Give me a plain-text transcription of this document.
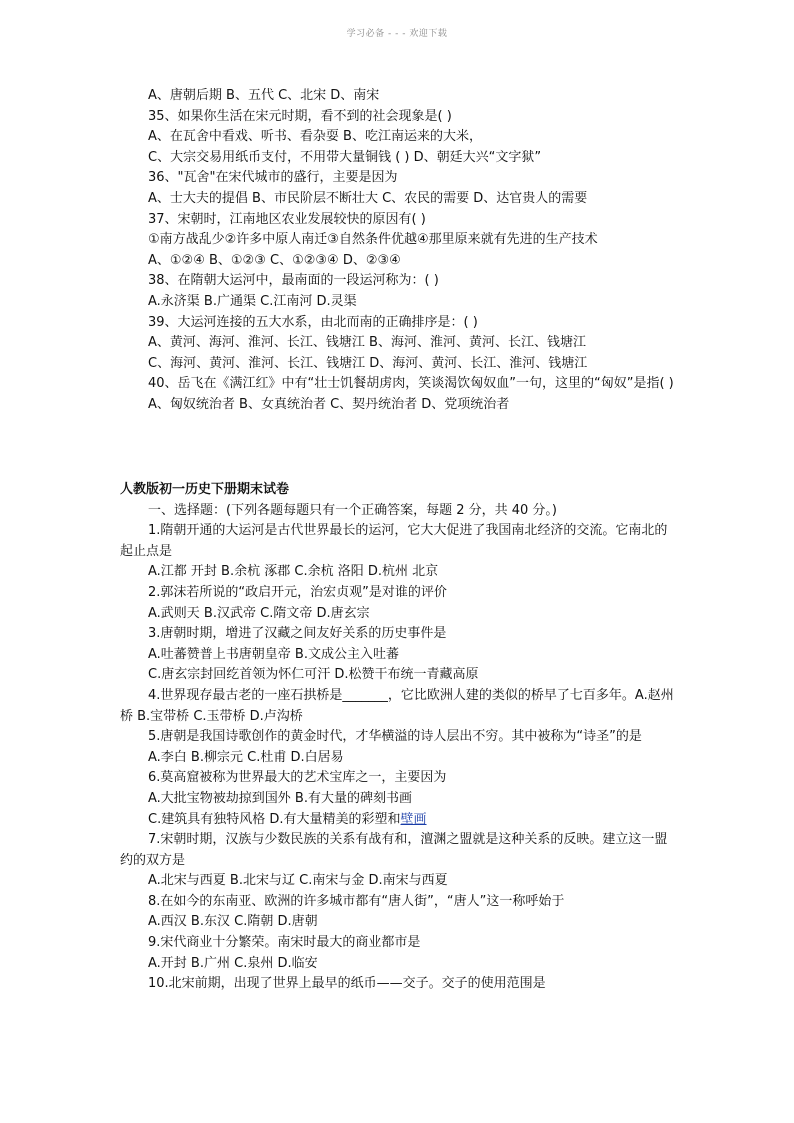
学习必备 - - - 欢迎下载
A、唐朝后期 B、五代 C、北宋 D、南宋
35、如果你生活在宋元时期，看不到的社会现象是( )
A、在瓦舍中看戏、听书、看杂耍 B、吃江南运来的大米，
C、大宗交易用纸币支付，不用带大量铜钱 ( ) D、朝廷大兴“文字狱”
36、"瓦舍"在宋代城市的盛行，主要是因为
A、士大夫的提倡 B、市民阶层不断壮大 C、农民的需要 D、达官贵人的需要
37、宋朝时，江南地区农业发展较快的原因有( )
①南方战乱少②许多中原人南迁③自然条件优越④那里原来就有先进的生产技术
A、①②④ B、①②③ C、①②③④ D、②③④
38、在隋朝大运河中，最南面的一段运河称为：( )
A.永济渠 B.广通渠 C.江南河 D.灵渠
39、大运河连接的五大水系，由北而南的正确排序是：( )
A、黄河、海河、淮河、长江、钱塘江 B、海河、淮河、黄河、长江、钱塘江
C、海河、黄河、淮河、长江、钱塘江 D、海河、黄河、长江、淮河、钱塘江
40、岳飞在《满江红》中有“壮士饥餐胡虏肉，笑谈渴饮匈奴血”一句，这里的“匈奴”是指( )
A、匈奴统治者 B、女真统治者 C、契丹统治者 D、党项统治者
人教版初一历史下册期末试卷
一、选择题：(下列各题每题只有一个正确答案，每题 2 分，共 40 分。)
1.隋朝开通的大运河是古代世界最长的运河，它大大促进了我国南北经济的交流。它南北的起止点是
A.江都 开封 B.余杭 涿郡 C.余杭 洛阳 D.杭州 北京
2.郭沫若所说的“政启开元，治宏贞观”是对谁的评价
A.武则天 B.汉武帝 C.隋文帝 D.唐玄宗
3.唐朝时期，增进了汉藏之间友好关系的历史事件是
A.吐蕃赞普上书唐朝皇帝 B.文成公主入吐蕃
C.唐玄宗封回纥首领为怀仁可汗 D.松赞干布统一青藏高原
4.世界现存最古老的一座石拱桥是_______，它比欧洲人建的类似的桥早了七百多年。A.赵州桥 B.宝带桥 C.玉带桥 D.卢沟桥
5.唐朝是我国诗歌创作的黄金时代，才华横溢的诗人层出不穷。其中被称为“诗圣”的是
A.李白 B.柳宗元 C.杜甫 D.白居易
6.莫高窟被称为世界最大的艺术宝库之一，主要因为
A.大批宝物被劫掠到国外 B.有大量的碑刻书画
C.建筑具有独特风格 D.有大量精美的彩塑和壁画
7.宋朝时期，汉族与少数民族的关系有战有和，澶渊之盟就是这种关系的反映。建立这一盟约的双方是
A.北宋与西夏 B.北宋与辽 C.南宋与金 D.南宋与西夏
8.在如今的东南亚、欧洲的许多城市都有“唐人街”，“唐人”这一称呼始于
A.西汉 B.东汉 C.隋朝 D.唐朝
9.宋代商业十分繁荣。南宋时最大的商业都市是
A.开封 B.广州 C.泉州 D.临安
10.北宋前期，出现了世界上最早的纸币——交子。交子的使用范围是
